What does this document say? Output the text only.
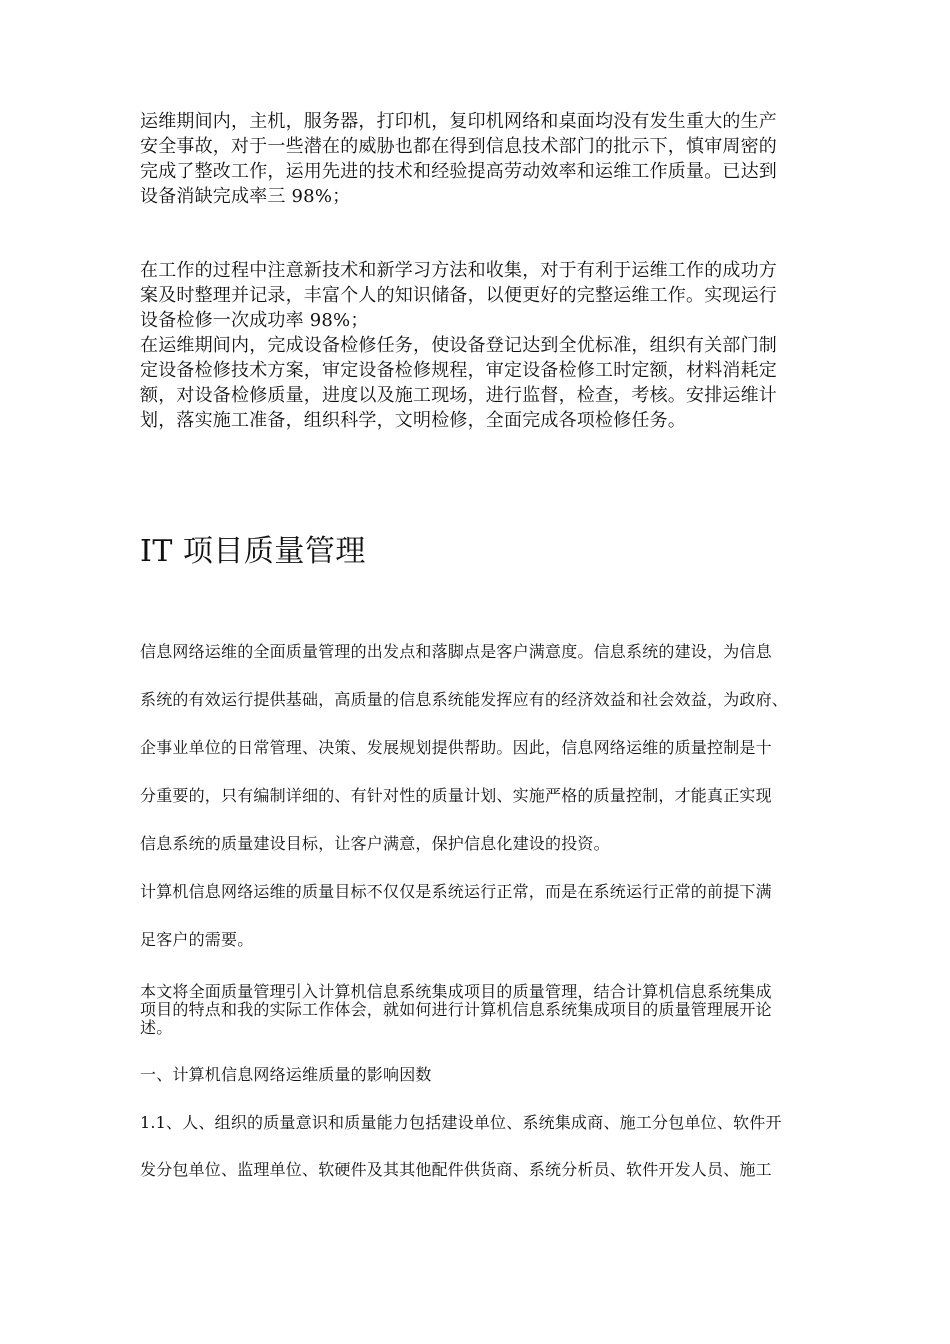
运维期间内，主机，服务器，打印机，复印机网络和桌面均没有发生重大的生产
安全事故，对于一些潜在的威胁也都在得到信息技术部门的批示下，慎审周密的
完成了整改工作，运用先进的技术和经验提高劳动效率和运维工作质量。已达到
设备消缺完成率三 98%；
在工作的过程中注意新技术和新学习方法和收集，对于有利于运维工作的成功方
案及时整理并记录，丰富个人的知识储备，以便更好的完整运维工作。实现运行
设备检修一次成功率 98%；
在运维期间内，完成设备检修任务，使设备登记达到全优标准，组织有关部门制
定设备检修技术方案，审定设备检修规程，审定设备检修工时定额，材料消耗定
额，对设备检修质量，进度以及施工现场，进行监督，检查，考核。安排运维计
划，落实施工准备，组织科学，文明检修，全面完成各项检修任务。
IT 项目质量管理
信息网络运维的全面质量管理的出发点和落脚点是客户满意度。信息系统的建设，为信息
系统的有效运行提供基础，高质量的信息系统能发挥应有的经济效益和社会效益，为政府、
企事业单位的日常管理、决策、发展规划提供帮助。因此，信息网络运维的质量控制是十
分重要的，只有编制详细的、有针对性的质量计划、实施严格的质量控制，才能真正实现
信息系统的质量建设目标，让客户满意，保护信息化建设的投资。
计算机信息网络运维的质量目标不仅仅是系统运行正常，而是在系统运行正常的前提下满
足客户的需要。
本文将全面质量管理引入计算机信息系统集成项目的质量管理，结合计算机信息系统集成
项目的特点和我的实际工作体会，就如何进行计算机信息系统集成项目的质量管理展开论
述。
一、计算机信息网络运维质量的影响因数
1.1、人、组织的质量意识和质量能力包括建设单位、系统集成商、施工分包单位、软件开
发分包单位、监理单位、软硬件及其其他配件供货商、系统分析员、软件开发人员、施工
